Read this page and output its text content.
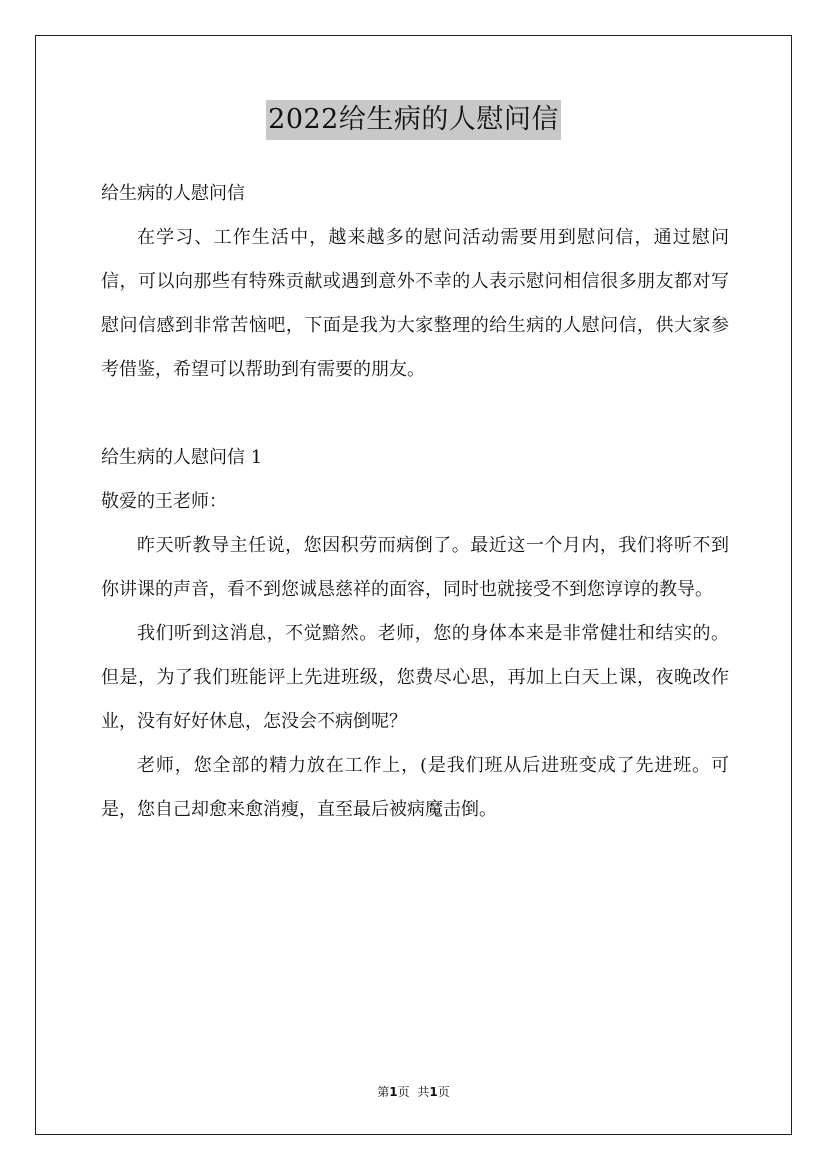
2022给生病的人慰问信

给生病的人慰问信

在学习、工作生活中，越来越多的慰问活动需要用到慰问信，通过慰问信，可以向那些有特殊贡献或遇到意外不幸的人表示慰问相信很多朋友都对写慰问信感到非常苦恼吧，下面是我为大家整理的给生病的人慰问信，供大家参考借鉴，希望可以帮助到有需要的朋友。

给生病的人慰问信 1

敬爱的王老师：

昨天听教导主任说，您因积劳而病倒了。最近这一个月内，我们将听不到你讲课的声音，看不到您诚恳慈祥的面容，同时也就接受不到您谆谆的教导。

我们听到这消息，不觉黯然。老师，您的身体本来是非常健壮和结实的。但是，为了我们班能评上先进班级，您费尽心思，再加上白天上课，夜晚改作业，没有好好休息，怎没会不病倒呢？

老师，您全部的精力放在工作上，(是我们班从后进班变成了先进班。可是，您自己却愈来愈消瘦，直至最后被病魔击倒。

第1页 共1页
